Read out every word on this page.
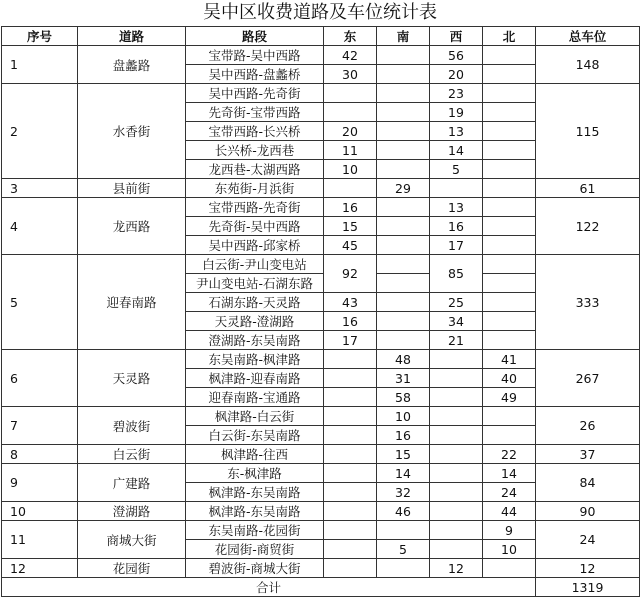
吴中区收费道路及车位统计表
序号	道路	路段	东	南	西	北	总车位
1	盘蠡路	宝带路-吴中西路	42		56		148
		吴中西路-盘蠡桥	30		20		
2	水香街	吴中西路-先奇街			23		115
		先奇街-宝带西路			19		
		宝带西路-长兴桥	20		13		
		长兴桥-龙西巷	11		14		
		龙西巷-太湖西路	10		5		
3	县前街	东苑街-月浜街		29			61
4	龙西路	宝带西路-先奇街	16		13		122
		先奇街-吴中西路	15		16		
		吴中西路-邱家桥	45		17		
5	迎春南路	白云街-尹山变电站	92		85		333
		尹山变电站-石湖东路					
		石湖东路-天灵路	43		25		
		天灵路-澄湖路	16		34		
		澄湖路-东吴南路	17		21		
6	天灵路	东吴南路-枫津路		48		41	267
		枫津路-迎春南路		31		40	
		迎春南路-宝通路		58		49	
7	碧波街	枫津路-白云街		10			26
		白云街-东吴南路		16			
8	白云街	枫津路-往西		15		22	37
9	广建路	东-枫津路		14		14	84
		枫津路-东吴南路		32		24	
10	澄湖路	枫津路-东吴南路		46		44	90
11	商城大街	东吴南路-花园街				9	24
		花园街-商贸街		5		10	
12	花园街	碧波街-商城大街			12		12
合计							1319
